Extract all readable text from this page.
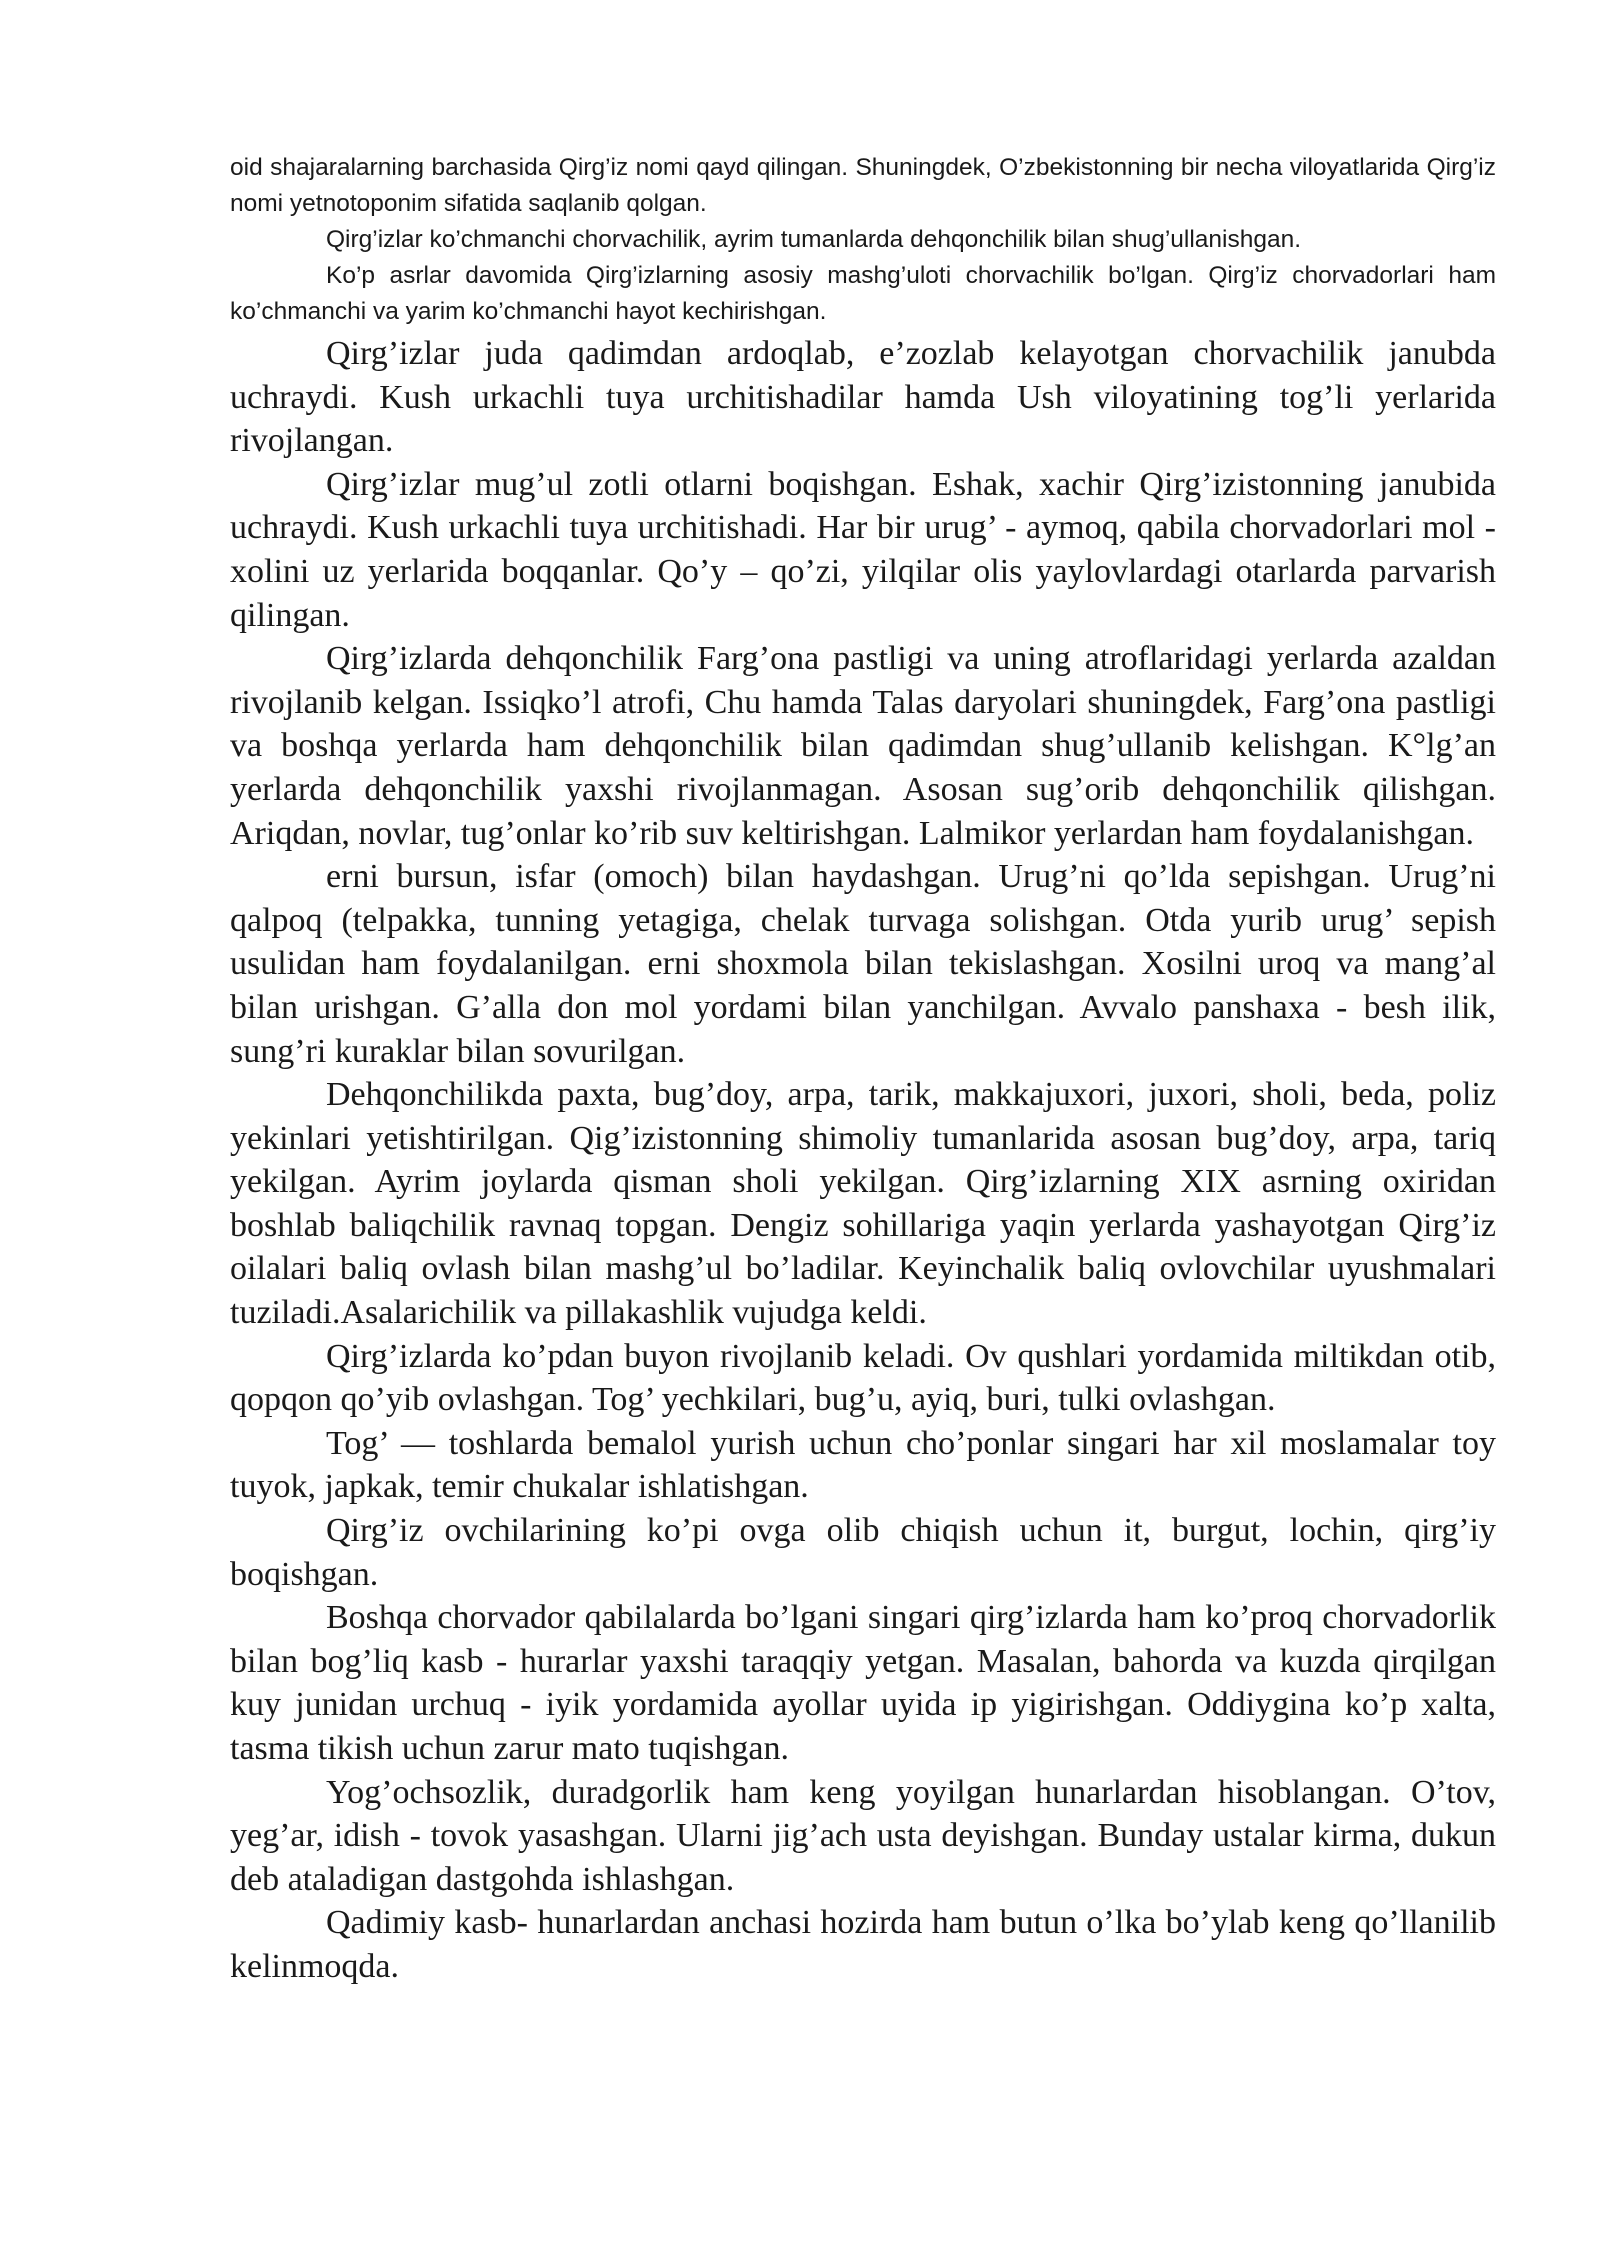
oid shajaralarning barchasida Qirg’iz nomi qayd qilingan. Shuningdek, O’zbekistonning bir necha viloyatlarida Qirg’iz nomi yetnotoponim sifatida saqlanib qolgan.

Qirg’izlar ko’chmanchi chorvachilik, ayrim tumanlarda dehqonchilik bilan shug’ullanishgan.

Ko’p asrlar davomida Qirg’izlarning asosiy mashg’uloti chorvachilik bo’lgan. Qirg’iz chorvadorlari ham ko’chmanchi va yarim ko’chmanchi hayot kechirishgan.

Qirg’izlar juda qadimdan ardoqlab, e’zozlab kelayotgan chorvachilik janubda uchraydi. Kush urkachli tuya urchitishadilar hamda Ush viloyatining tog’li yerlarida rivojlangan.

Qirg’izlar mug’ul zotli otlarni boqishgan. Eshak, xachir Qirg’izistonning janubida uchraydi. Kush urkachli tuya urchitishadi. Har bir urug’ - aymoq, qabila chorvadorlari mol - xolini uz yerlarida boqqanlar. Qo’y – qo’zi, yilqilar olis yaylovlardagi otarlarda parvarish qilingan.

Qirg’izlarda dehqonchilik Farg’ona pastligi va uning atroflaridagi yerlarda azaldan rivojlanib kelgan. Issiqko’l atrofi, Chu hamda Talas daryolari shuningdek, Farg’ona pastligi va boshqa yerlarda ham dehqonchilik bilan qadimdan shug’ullanib kelishgan. K°lg’an yerlarda dehqonchilik yaxshi rivojlanmagan. Asosan sug’orib dehqonchilik qilishgan. Ariqdan, novlar, tug’onlar ko’rib suv keltirishgan. Lalmikor yerlardan ham foydalanishgan.

erni bursun, isfar (omoch) bilan haydashgan. Urug’ni qo’lda sepishgan. Urug’ni qalpoq (telpakka, tunning yetagiga, chelak turvaga solishgan. Otda yurib urug’ sepish usulidan ham foydalanilgan. erni shoxmola bilan tekislashgan. Xosilni uroq va mang’al bilan urishgan. G’alla don mol yordami bilan yanchilgan. Avvalo panshaxa - besh ilik, sung’ri kuraklar bilan sovurilgan.

Dehqonchilikda paxta, bug’doy, arpa, tarik, makkajuxori, juxori, sholi, beda, poliz yekinlari yetishtirilgan. Qig’izistonning shimoliy tumanlarida asosan bug’doy, arpa, tariq yekilgan. Ayrim joylarda qisman sholi yekilgan. Qirg’izlarning XIX asrning oxiridan boshlab baliqchilik ravnaq topgan. Dengiz sohillariga yaqin yerlarda yashayotgan Qirg’iz oilalari baliq ovlash bilan mashg’ul bo’ladilar. Keyinchalik baliq ovlovchilar uyushmalari tuziladi.Asalarichilik va pillakashlik vujudga keldi.

Qirg’izlarda ko’pdan buyon rivojlanib keladi. Ov qushlari yordamida miltikdan otib, qopqon qo’yib ovlashgan. Tog’ yechkilari, bug’u, ayiq, buri, tulki ovlashgan.

Tog’ — toshlarda bemalol yurish uchun cho’ponlar singari har xil moslamalar toy tuyok, japkak, temir chukalar ishlatishgan.

Qirg’iz ovchilarining ko’pi ovga olib chiqish uchun it, burgut, lochin, qirg’iy boqishgan.

Boshqa chorvador qabilalarda bo’lgani singari qirg’izlarda ham ko’proq chorvadorlik bilan bog’liq kasb - hurarlar yaxshi taraqqiy yetgan. Masalan, bahorda va kuzda qirqilgan kuy junidan urchuq - iyik yordamida ayollar uyida ip yigirishgan. Oddiygina ko’p xalta, tasma tikish uchun zarur mato tuqishgan.

Yog’ochsozlik, duradgorlik ham keng yoyilgan hunarlardan hisoblangan. O’tov, yeg’ar, idish - tovok yasashgan. Ularni jig’ach usta deyishgan. Bunday ustalar kirma, dukun deb ataladigan dastgohda ishlashgan.

Qadimiy kasb- hunarlardan anchasi hozirda ham butun o’lka bo’ylab keng qo’llanilib kelinmoqda.
